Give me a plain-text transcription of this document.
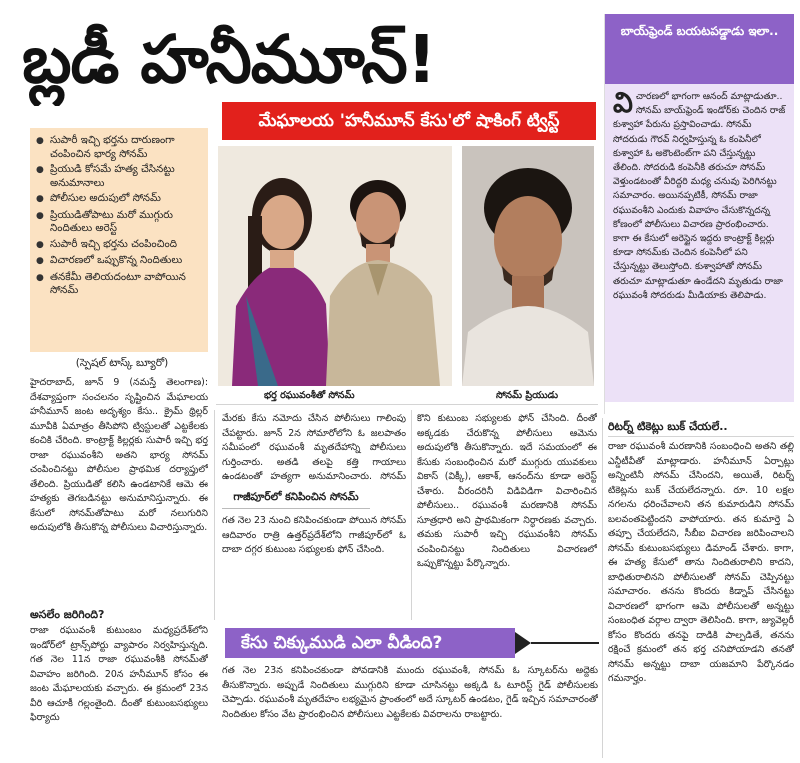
బ్లడీ హనీమూన్!
మేఘాలయ 'హనీమూన్ కేసు'లో షాకింగ్ ట్విస్ట్
● సుపారీ ఇచ్చి భర్తను దారుణంగా చంపించిన భార్య సోనమ్
● ప్రియుడి కోసమే హత్య చేసినట్టు అనుమానాలు
● పోలీసుల అదుపులో సోనమ్
● ప్రియుడితోపాటు మరో ముగ్గురు నిందితులు అరెస్ట్
● సుపారీ ఇచ్చి భర్తను చంపించింది
● విచారణలో ఒప్పుకొన్న నిందితులు
● తనకేమీ తెలియదంటూ వాపోయిన సోనమ్
(స్పెషల్ టాస్క్ బ్యూరో)
భర్త రఘువంశీతో సోనమ్	సోనమ్ ప్రియుడు
బాయ్‌ఫ్రెండ్ బయటపడ్డాడు ఇలా..
వి చారణలో భాగంగా ఆనంద్ మాట్లాడుతూ.. సోనమ్ బాయ్‌ఫ్రెండ్ ఇండోర్‌కు చెందిన రాజ్ కుశ్వాహా పేరును ప్రస్తావించాడు. సోనమ్ సోదరుడు గౌరవ్ నిర్వహిస్తున్న ఓ కంపెనీలో కుశ్వాహా ఓ అకౌంటెంట్‌గా పని చేస్తున్నట్టు తేలింది. సోదరుడి కంపెనీకి తరుచూ సోనమ్ వెళ్తుండటంతో వీరిద్దరి మధ్య చనువు పెరిగినట్టు సమాచారం. అయినప్పటికీ, సోనమ్ రాజా రఘువంశీని ఎందుకు వివాహం చేసుకొన్నదన్న కోణంలో పోలీసులు విచారణ ప్రారంభించారు. కాగా ఈ కేసులో అరెస్టైన ఇద్దరు కాంట్రాక్ట్ కిల్లర్లు కూడా సోనమ్‌కు చెందిన కంపెనీలో పని చేస్తున్నట్టు తెలుస్తోంది. కుశ్వాహాతో సోనమ్ తరుచూ మాట్లాడుతూ ఉండేదని మృతుడు రాజా రఘువంశీ సోదరుడు మీడియాకు తెలిపాడు.
హైదరాబాద్, జూన్ 9 (నమస్తే తెలంగాణ): దేశవ్యాప్తంగా సంచలనం సృష్టించిన మేఘాలయ హనీమూన్ జంట అదృశ్యం కేసు.. క్రైమ్ థ్రిల్లర్ మూవీకి ఏమాత్రం తీసిపోని ట్విస్టులతో ఎట్టకేలకు కంచికి చేరింది. కాంట్రాక్ట్ కిల్లర్లకు సుపారీ ఇచ్చి భర్త రాజా రఘువంశీని అతని భార్య సోనమ్ చంపించినట్టు పోలీసుల ప్రాథమిక దర్యాప్తులో తేలింది. ప్రియుడితో కలిసి ఉండటానికే ఆమె ఈ హత్యకు తెగబడినట్టు అనుమానిస్తున్నారు. ఈ కేసులో సోనమ్‌తోపాటు మరో నలుగురిని అదుపులోకి తీసుకొన్న పోలీసులు విచారిస్తున్నారు.
అసలేం జరిగింది?
రాజా రఘువంశీ కుటుంబం మధ్యప్రదేశ్‌లోని ఇండోర్‌లో ట్రాన్స్‌పోర్టు వ్యాపారం నిర్వహిస్తున్నది. గత నెల 11న రాజా రఘువంశీకి సోనమ్‌తో వివాహం జరిగింది. 20న హనీమూన్ కోసం ఈ జంట మేఘాలయకు వచ్చారు. ఈ క్రమంలో 23న వీరి ఆచూకీ గల్లంతైంది. దీంతో కుటుంబసభ్యులు ఫిర్యాదు
మేరకు కేసు నమోదు చేసిన పోలీసులు గాలింపు చేపట్టారు. జూన్ 2న సోమారోలోని ఓ జలపాతం సమీపంలో రఘువంశీ మృతదేహాన్ని పోలీసులు గుర్తించారు. అతడి తలపై కత్తి గాయాలు ఉండటంతో హత్యగా అనుమానించారు. సోనమ్
గాజీపూర్‌లో కనిపించిన సోనమ్
గత నెల 23 నుంచి కనిపించకుండా పోయిన సోనమ్ ఆదివారం రాత్రి ఉత్తర్‌ప్రదేశ్‌లోని గాజీపూర్‌లో ఓ దాబా దగ్గర కుటుంబ సభ్యులకు ఫోన్ చేసింది.
కొని కుటుంబ సభ్యులకు ఫోన్ చేసింది. దీంతో అక్కడకు చేరుకొన్న పోలీసులు ఆమెను అదుపులోకి తీసుకొన్నారు. ఇదే సమయంలో ఈ కేసుకు సంబంధించిన మరో ముగ్గురు యువకులు వికాస్ (విక్కీ), ఆకాశ్, ఆనంద్‌ను కూడా అరెస్ట్ చేశారు. వీరందరినీ విడివిడిగా విచారించిన పోలీసులు.. రఘువంశీ మరణానికి సోనమ్ సూత్రధారి అని ప్రాథమికంగా నిర్ధారణకు వచ్చారు. తమకు సుపారీ ఇచ్చి రఘువంశీని సోనమ్ చంపించినట్టు నిందితులు విచారణలో ఒప్పుకొన్నట్టు పేర్కొన్నారు.
రిటర్న్ టికెట్లు బుక్ చేయలే..
రాజా రఘువంశీ మరణానికి సంబంధించి అతని తల్లి ఎన్డీటీవీతో మాట్లాడారు. హనీమూన్ ఏర్పాట్లు అన్నింటినీ సోనమ్ చేసిందని, అయితే, రిటర్న్ టికెట్లను బుక్ చేయలేదన్నారు. రూ. 10 లక్షల నగలను ధరించేవాలని తన కుమారుడిని సోనమ్ బలవంతపెట్టిందని వాపోయారు. తన కుమార్తె ఏ తప్పూ చేయలేదని, సీబీఐ విచారణ జరిపించాలని సోనమ్ కుటుంబసభ్యులు డిమాండ్ చేశారు. కాగా, ఈ హత్య కేసులో తాను నిందితురాలిని కాదని, బాధితురాలినని పోలీసులతో సోనమ్ చెప్పినట్టు సమాచారం. తనను కొందరు కిడ్నాప్ చేసినట్టు విచారణలో భాగంగా ఆమె పోలీసులతో అన్నట్టు సంబంధిత వర్గాల ద్వారా తెలిసింది. కాగా, జ్యువెల్లరీ కోసం కొందరు తనపై దాడికి పాల్పడితే, తనను రక్షించే క్రమంలో తన భర్త చనిపోయాడని తనతో సోనమ్ అన్నట్టు దాబా యజమాని పేర్కొనడం గమనార్హం.
కేసు చిక్కుముడి ఎలా వీడింది?
గత నెల 23న కనిపించకుండా పోవడానికి ముందు రఘువంశీ, సోనమ్ ఓ స్కూటర్‌ను అద్దెకు తీసుకొన్నారు. అప్పుడే నిందితులు ముగ్గురిని కూడా చూసినట్టు అక్కడి ఓ టూరిస్ట్ గైడ్ పోలీసులకు చెప్పాడు. రఘువంశీ మృతదేహం లభ్యమైన ప్రాంతంలో అదే స్కూటర్ ఉండటం, గైడ్ ఇచ్చిన సమాచారంతో నిందితుల కోసం వేట ప్రారంభించిన పోలీసులు ఎట్టకేలకు వివరాలను రాబట్టారు.
